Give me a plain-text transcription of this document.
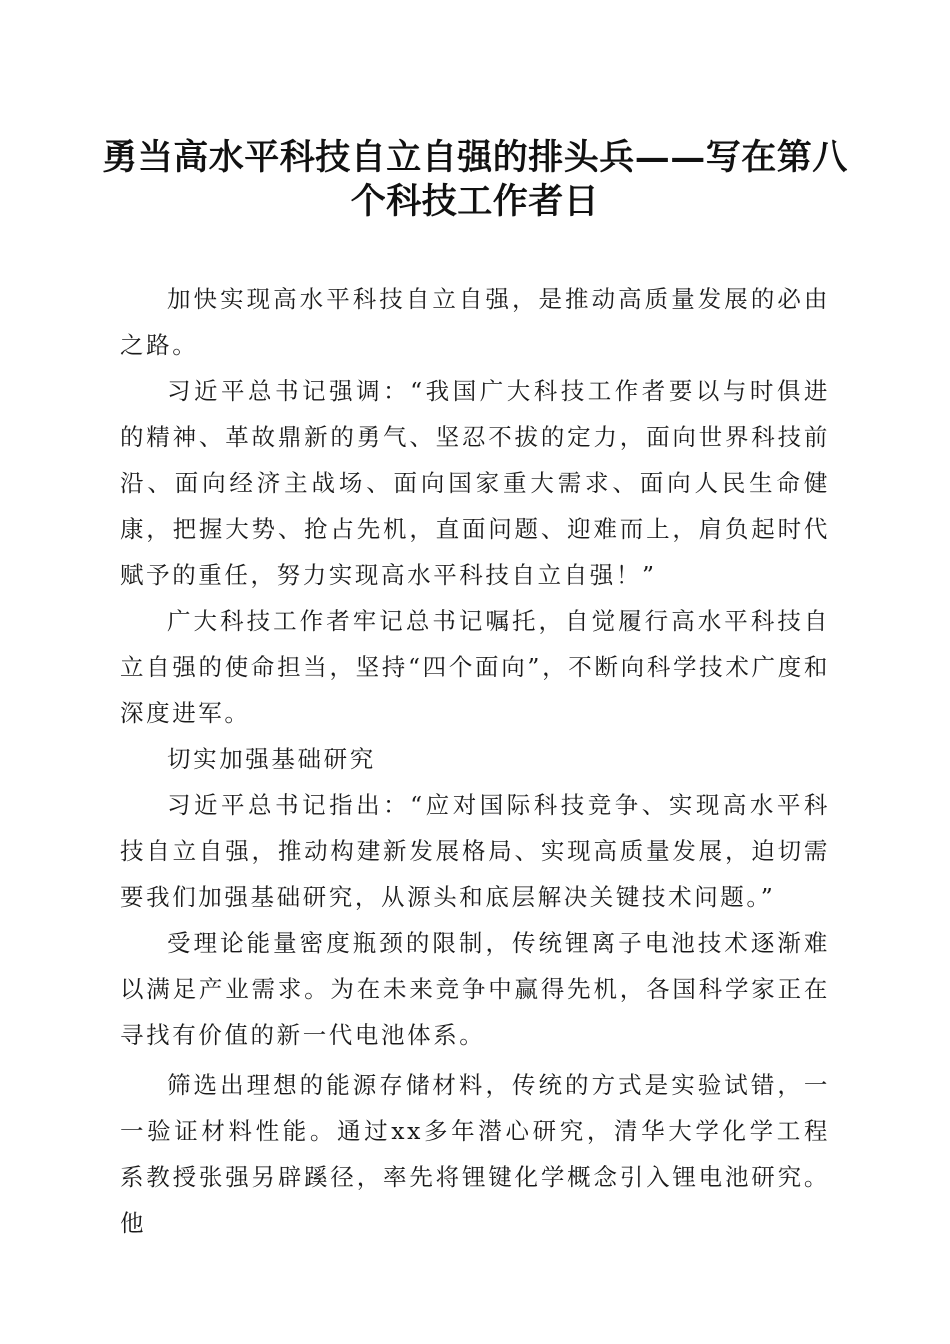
勇当高水平科技自立自强的排头兵——写在第八个科技工作者日

加快实现高水平科技自立自强，是推动高质量发展的必由之路。

习近平总书记强调：“我国广大科技工作者要以与时俱进的精神、革故鼎新的勇气、坚忍不拔的定力，面向世界科技前沿、面向经济主战场、面向国家重大需求、面向人民生命健康，把握大势、抢占先机，直面问题、迎难而上，肩负起时代赋予的重任，努力实现高水平科技自立自强！”

广大科技工作者牢记总书记嘱托，自觉履行高水平科技自立自强的使命担当，坚持“四个面向”，不断向科学技术广度和深度进军。

切实加强基础研究

习近平总书记指出：“应对国际科技竞争、实现高水平科技自立自强，推动构建新发展格局、实现高质量发展，迫切需要我们加强基础研究，从源头和底层解决关键技术问题。”

受理论能量密度瓶颈的限制，传统锂离子电池技术逐渐难以满足产业需求。为在未来竞争中赢得先机，各国科学家正在寻找有价值的新一代电池体系。

筛选出理想的能源存储材料，传统的方式是实验试错，一一验证材料性能。通过xx多年潜心研究，清华大学化学工程系教授张强另辟蹊径，率先将锂键化学概念引入锂电池研究。他
